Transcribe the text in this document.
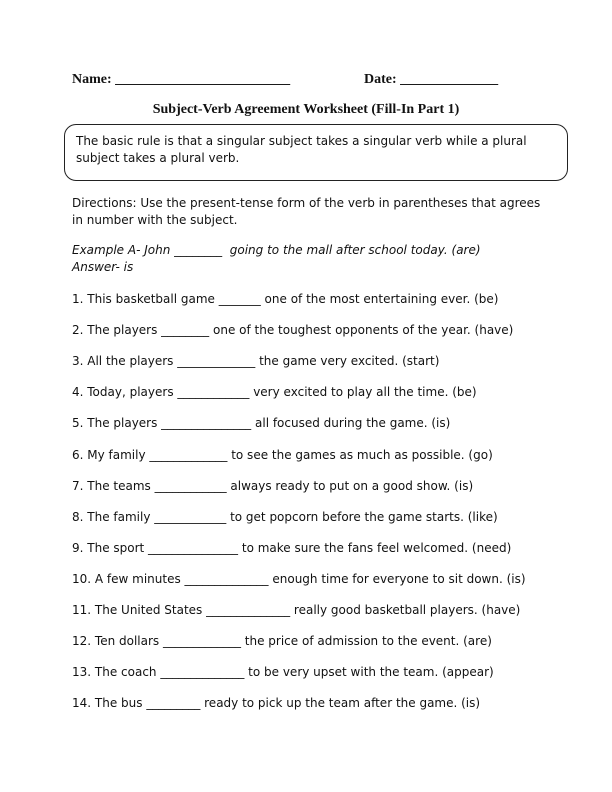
Name: _________________________	Date: ______________
Subject-Verb Agreement Worksheet (Fill-In Part 1)
The basic rule is that a singular subject takes a singular verb while a plural subject takes a plural verb.
Directions: Use the present-tense form of the verb in parentheses that agrees in number with the subject.
Example A- John ________  going to the mall after school today. (are)
Answer- is
1. This basketball game _______ one of the most entertaining ever. (be)
2. The players ________ one of the toughest opponents of the year. (have)
3. All the players _____________ the game very excited. (start)
4. Today, players ____________ very excited to play all the time. (be)
5. The players _______________ all focused during the game. (is)
6. My family _____________ to see the games as much as possible. (go)
7. The teams ____________ always ready to put on a good show. (is)
8. The family ____________ to get popcorn before the game starts. (like)
9. The sport _______________ to make sure the fans feel welcomed. (need)
10. A few minutes ______________ enough time for everyone to sit down. (is)
11. The United States ______________ really good basketball players. (have)
12. Ten dollars _____________ the price of admission to the event. (are)
13. The coach ______________ to be very upset with the team. (appear)
14. The bus _________ ready to pick up the team after the game. (is)
